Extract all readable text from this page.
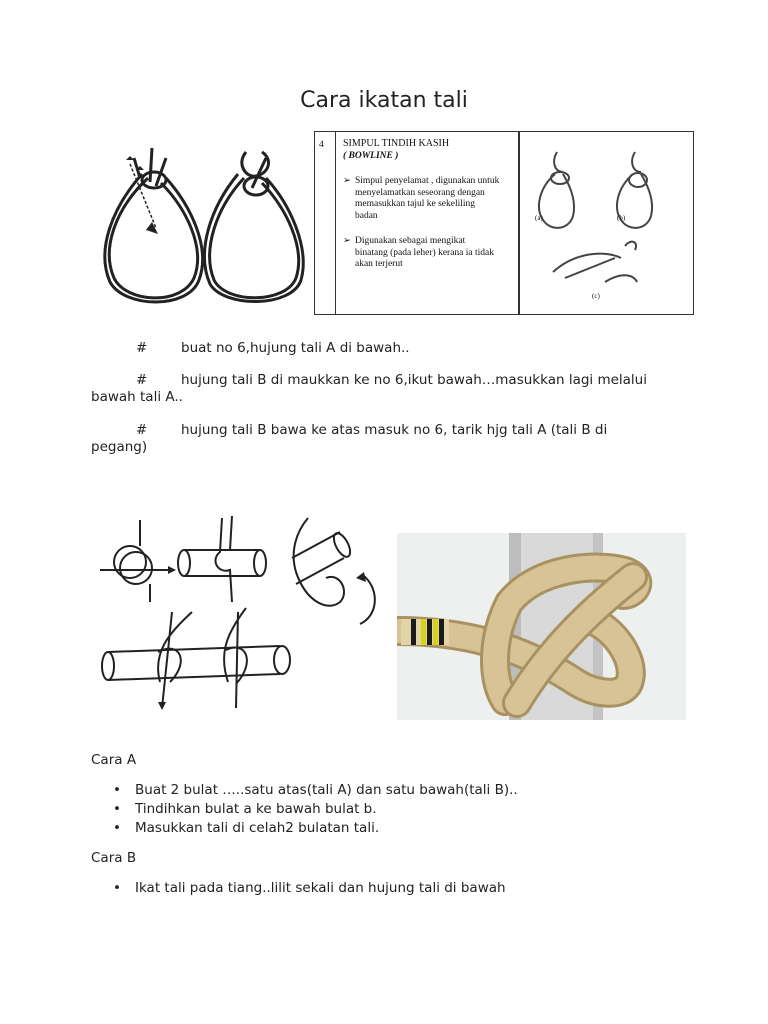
Cara ikatan tali
4 SIMPUL TINDIH KASIH
( BOWLINE )
➢ Simpul penyelamat , digunakan untuk
menyelamatkan seseorang dengan
memasukkan tajul ke sekeliling
badan
➢ Digunakan sebagai mengikat
binatang (pada leher) kerana ia tidak
akan terjerut
(a)	(b)
(c)
# buat no 6,hujung tali A di bawah..
# hujung tali B di maukkan ke no 6,ikut bawah…masukkan lagi melalui
bawah tali A..
# hujung tali B bawa ke atas masuk no 6, tarik hjg tali A (tali B di
pegang)
Cara A
• Buat 2 bulat …..satu atas(tali A) dan satu bawah(tali B)..
• Tindihkan bulat a ke bawah bulat b.
• Masukkan tali di celah2 bulatan tali.
Cara B
• Ikat tali pada tiang..lilit sekali dan hujung tali di bawah
